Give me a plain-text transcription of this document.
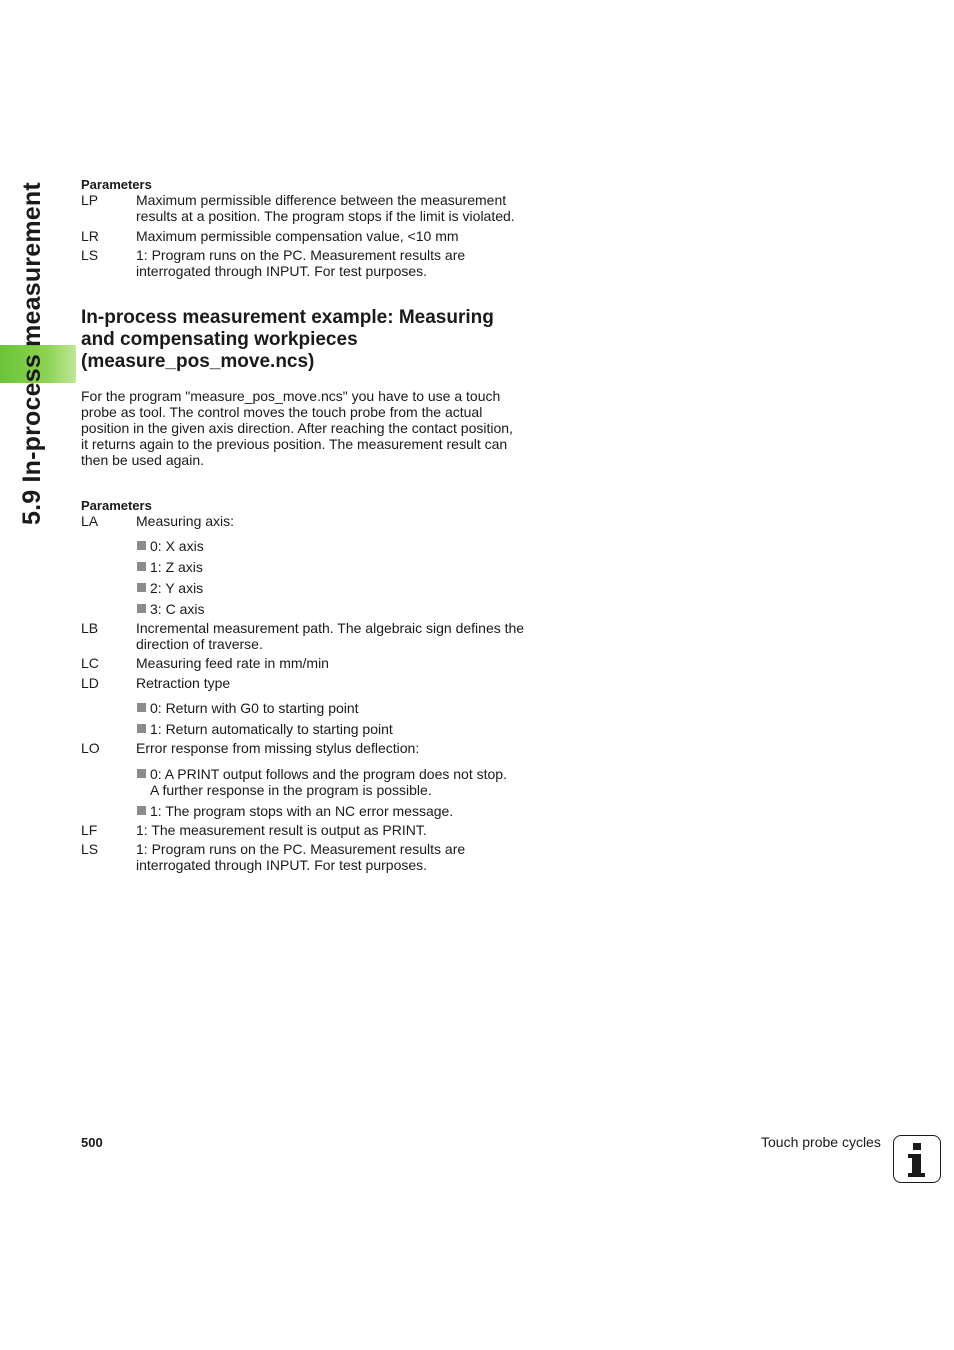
5.9 In-process measurement	Parameters
LP	Maximum permissible difference between the measurement results at a position. The program stops if the limit is violated.
LR	Maximum permissible compensation value, <10 mm
LS	1: Program runs on the PC. Measurement results are interrogated through INPUT. For test purposes.
In-process measurement example: Measuring
and compensating workpieces
(measure_pos_move.ncs)
For the program "measure_pos_move.ncs" you have to use a touch probe as tool. The control moves the touch probe from the actual position in the given axis direction. After reaching the contact position, it returns again to the previous position. The measurement result can then be used again.
Parameters
LA	Measuring axis:
0: X axis
1: Z axis
2: Y axis
3: C axis
LB	Incremental measurement path. The algebraic sign defines the direction of traverse.
LC	Measuring feed rate in mm/min
LD	Retraction type
0: Return with G0 to starting point
1: Return automatically to starting point
LO	Error response from missing stylus deflection:
0: A PRINT output follows and the program does not stop. A further response in the program is possible.
1: The program stops with an NC error message.
LF	1: The measurement result is output as PRINT.
LS	1: Program runs on the PC. Measurement results are interrogated through INPUT. For test purposes.
500	Touch probe cycles
